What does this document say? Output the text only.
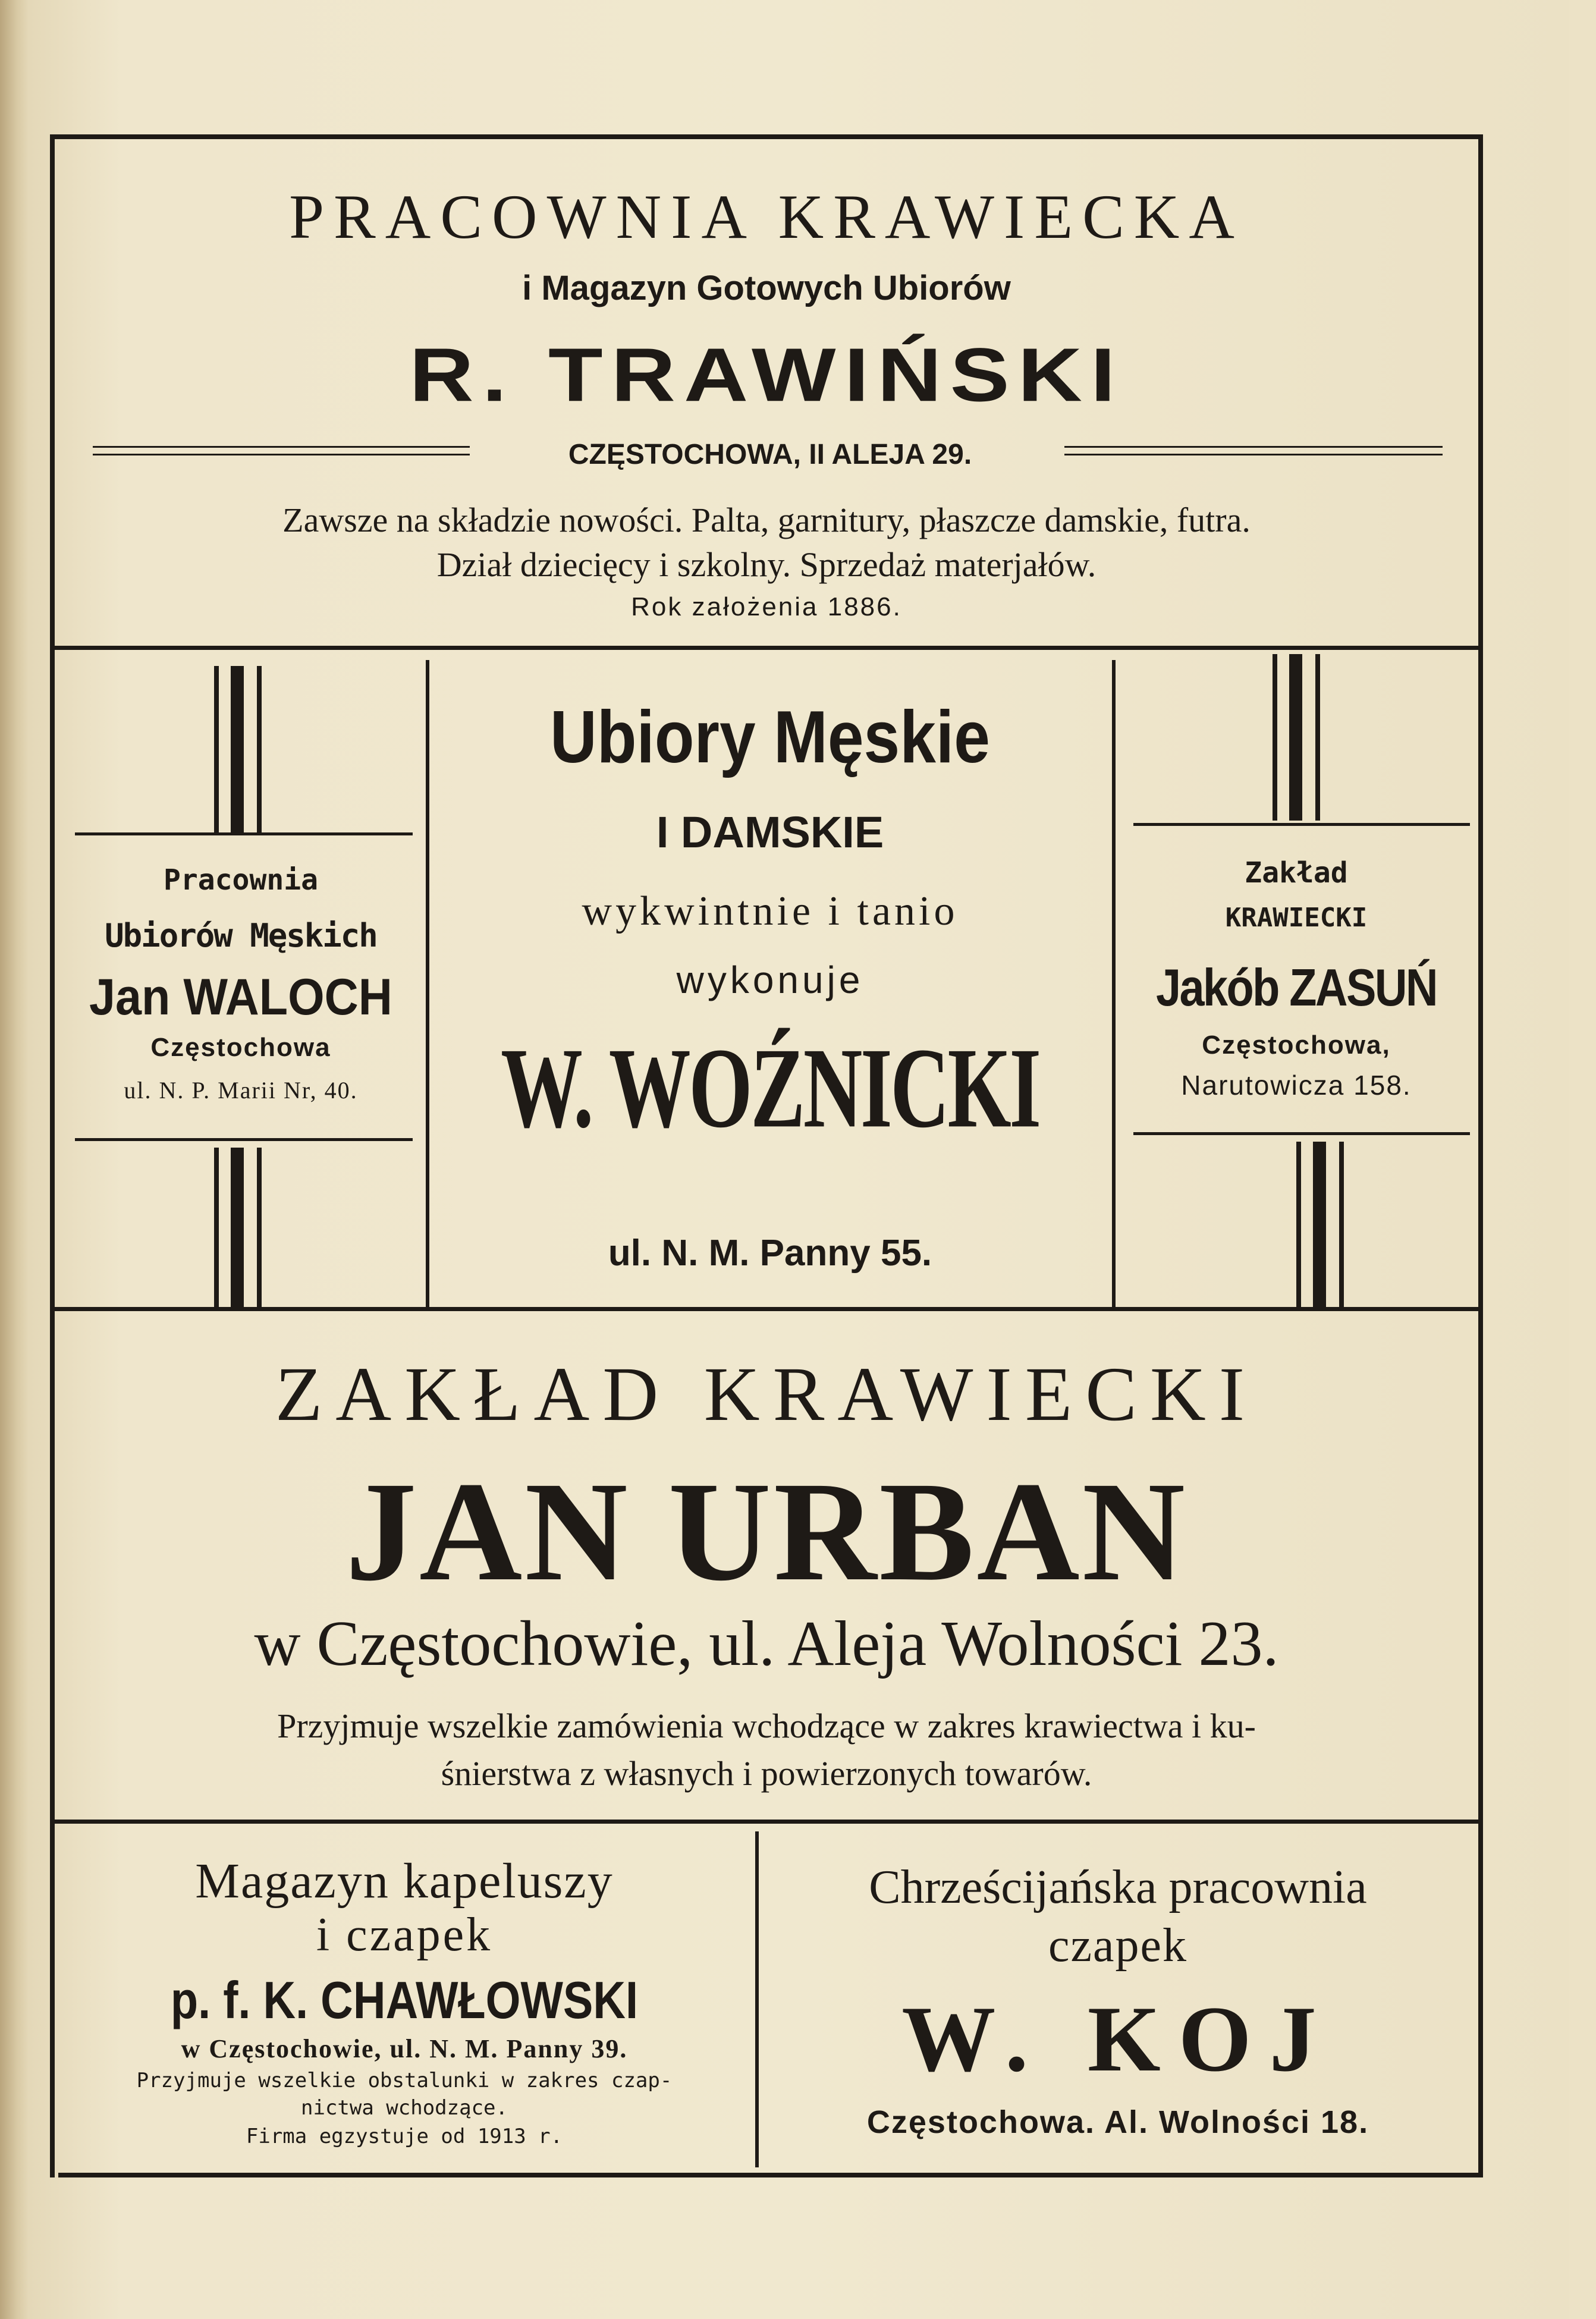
PRACOWNIA KRAWIECKA
i Magazyn Gotowych Ubiorów
R. TRAWIŃSKI
CZĘSTOCHOWA, II ALEJA 29.
Zawsze na składzie nowości. Palta, garnitury, płaszcze damskie, futra.
Dział dziecięcy i szkolny. Sprzedaż materjałów.
Rok założenia 1886.
Pracownia
Ubiorów Męskich
Jan WALOCH
Częstochowa
ul. N. P. Marii Nr, 40.
Ubiory Męskie
I DAMSKIE
wykwintnie i tanio
wykonuje
W. WOŹNICKI
ul. N. M. Panny 55.
Zakład
KRAWIECKI
Jakób ZASUŃ
Częstochowa,
Narutowicza 158.
ZAKŁAD KRAWIECKI
JAN URBAN
w Częstochowie, ul. Aleja Wolności 23.
Przyjmuje wszelkie zamówienia wchodzące w zakres krawiectwa i ku-
śnierstwa z własnych i powierzonych towarów.
Magazyn kapeluszy
i czapek
p. f. K. CHAWŁOWSKI
w Częstochowie, ul. N. M. Panny 39.
Przyjmuje wszelkie obstalunki w zakres czap-
nictwa wchodzące.
Firma egzystuje od 1913 r.
Chrześcijańska pracownia
czapek
W. KOJ
Częstochowa. Al. Wolności 18.
